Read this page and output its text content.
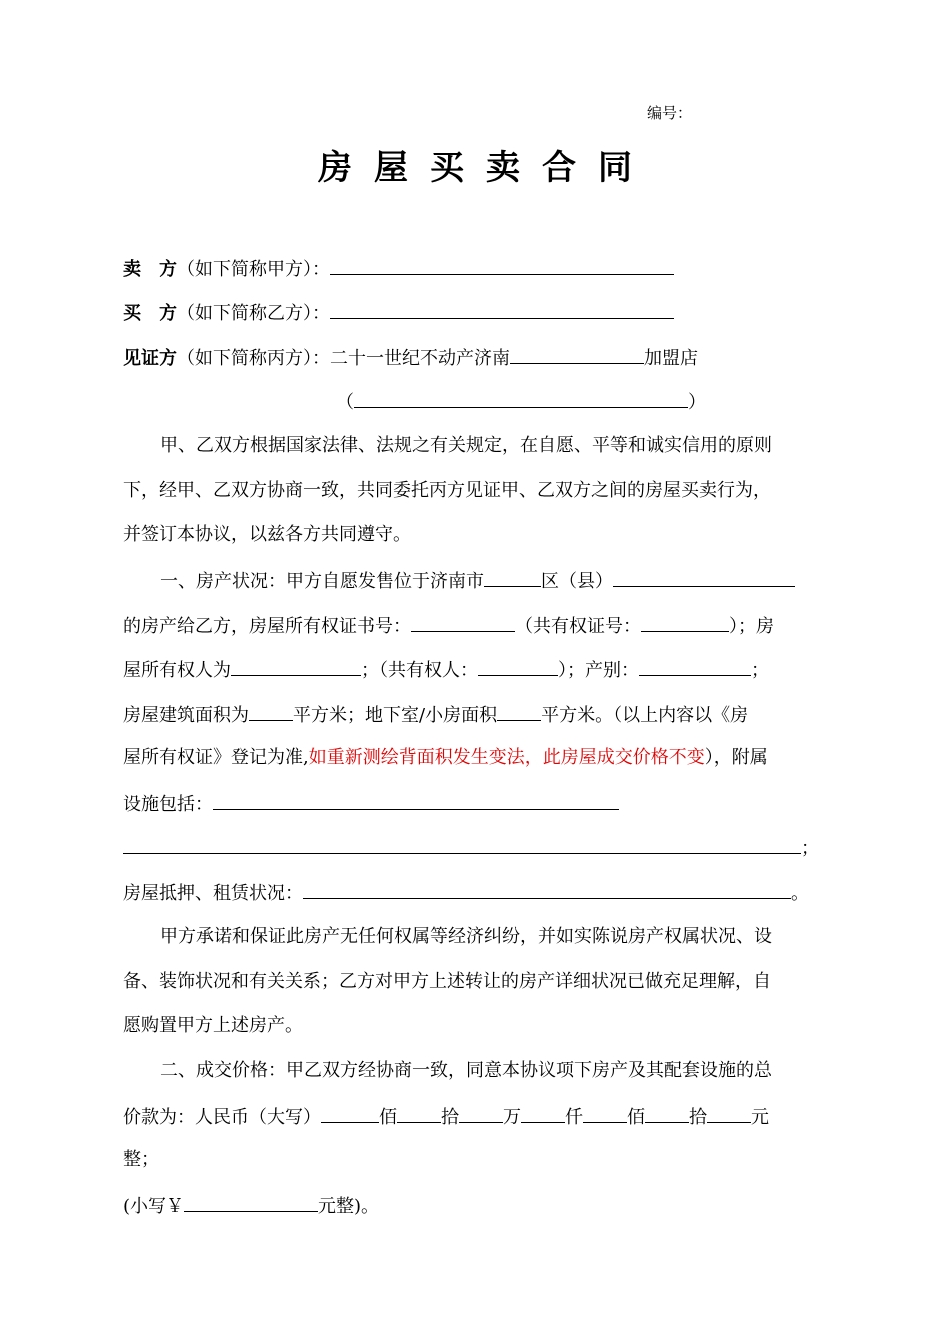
编号：
房屋买卖合同
卖　方（如下简称甲方）：
买　方（如下简称乙方）：
见证方（如下简称丙方）：二十一世纪不动产济南	加盟店
（	）
甲、乙双方根据国家法律、法规之有关规定，在自愿、平等和诚实信用的原则
下，经甲、乙双方协商一致，共同委托丙方见证甲、乙双方之间的房屋买卖行为，
并签订本协议，以兹各方共同遵守。
一、房产状况：甲方自愿发售位于济南市	区（县）
的房产给乙方，房屋所有权证书号：	（共有权证号：	）；房
屋所有权人为	；（共有权人：	）；产别：	；
房屋建筑面积为 平方米；地下室/小房面积 平方米。（以上内容以《房
屋所有权证》登记为准,如重新测绘背面积发生变法，此房屋成交价格不变），附属
设施包括：
；
房屋抵押、租赁状况：	。
甲方承诺和保证此房产无任何权属等经济纠纷，并如实陈说房产权属状况、设
备、装饰状况和有关关系；乙方对甲方上述转让的房产详细状况已做充足理解，自
愿购置甲方上述房产。
二、成交价格：甲乙双方经协商一致，同意本协议项下房产及其配套设施的总
价款为：人民币（大写）	佰 拾 万 仟 佰 拾 元
整；
(小写￥	元整)。
